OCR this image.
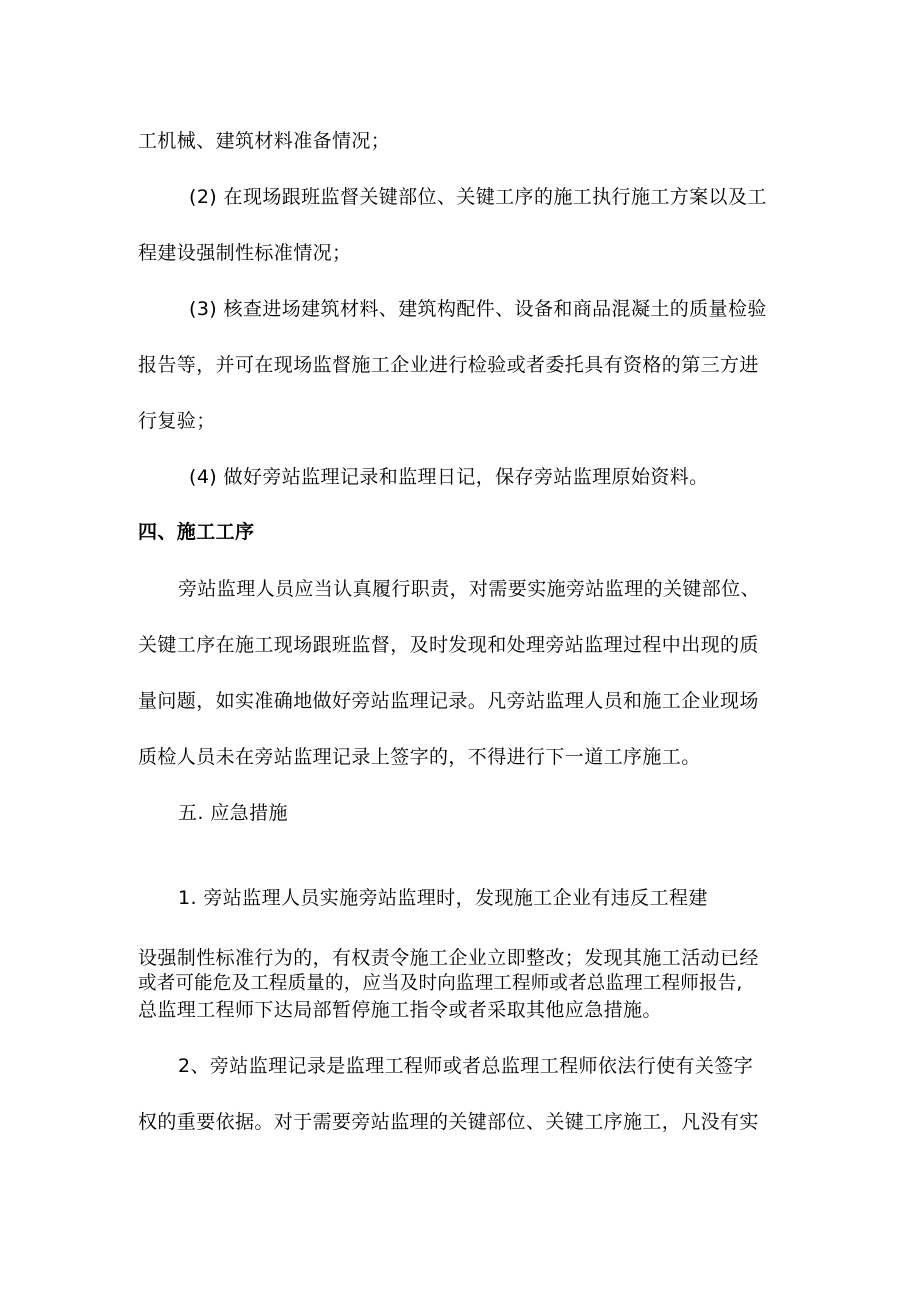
工机械、建筑材料准备情况；
(2) 在现场跟班监督关键部位、关键工序的施工执行施工方案以及工
程建设强制性标准情况；
(3) 核查进场建筑材料、建筑构配件、设备和商品混凝土的质量检验
报告等，并可在现场监督施工企业进行检验或者委托具有资格的第三方进
行复验；
(4) 做好旁站监理记录和监理日记，保存旁站监理原始资料。
四、施工工序
旁站监理人员应当认真履行职责，对需要实施旁站监理的关键部位、
关键工序在施工现场跟班监督，及时发现和处理旁站监理过程中出现的质
量问题，如实准确地做好旁站监理记录。凡旁站监理人员和施工企业现场
质检人员未在旁站监理记录上签字的，不得进行下一道工序施工。
五. 应急措施
1. 旁站监理人员实施旁站监理时，发现施工企业有违反工程建
设强制性标准行为的，有权责令施工企业立即整改；发现其施工活动已经
或者可能危及工程质量的，应当及时向监理工程师或者总监理工程师报告,
总监理工程师下达局部暂停施工指令或者采取其他应急措施。
2、旁站监理记录是监理工程师或者总监理工程师依法行使有关签字
权的重要依据。对于需要旁站监理的关键部位、关键工序施工，凡没有实
